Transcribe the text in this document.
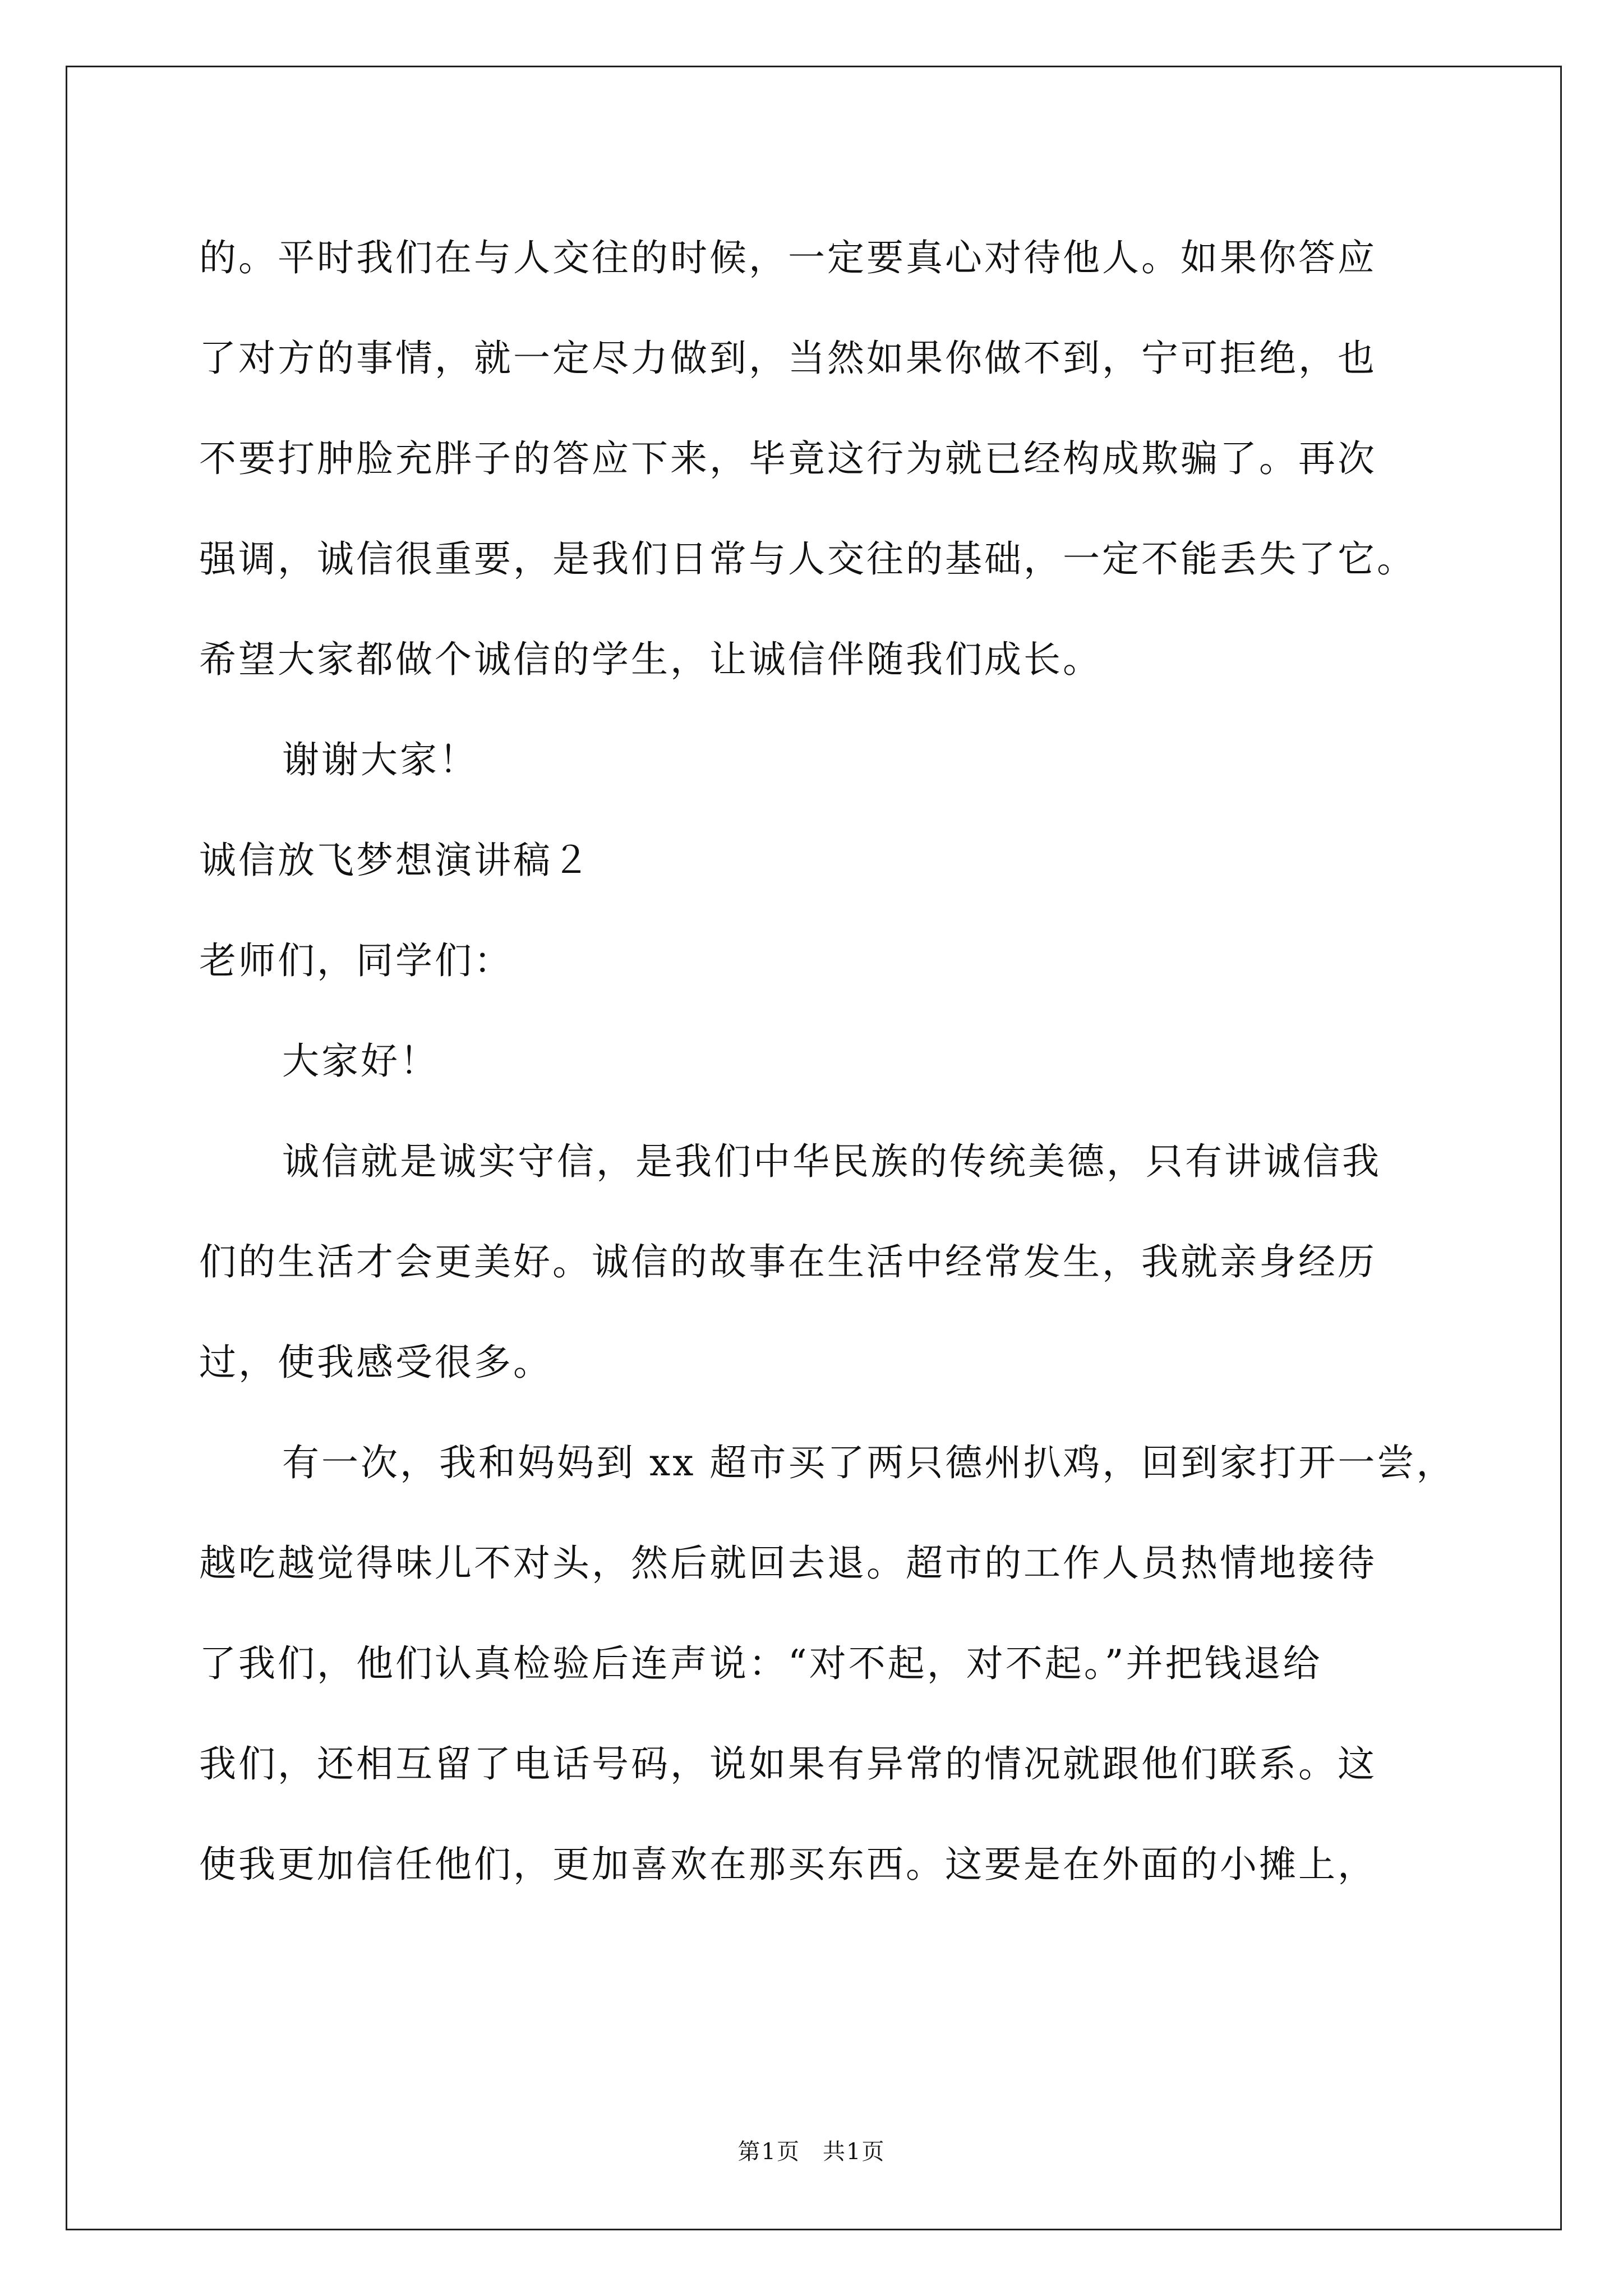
的。平时我们在与人交往的时候，一定要真心对待他人。如果你答应
了对方的事情，就一定尽力做到，当然如果你做不到，宁可拒绝，也
不要打肿脸充胖子的答应下来，毕竟这行为就已经构成欺骗了。再次
强调，诚信很重要，是我们日常与人交往的基础，一定不能丢失了它。
希望大家都做个诚信的学生，让诚信伴随我们成长。
谢谢大家！
诚信放飞梦想演讲稿２
老师们，同学们：
大家好！
诚信就是诚实守信，是我们中华民族的传统美德，只有讲诚信我
们的生活才会更美好。诚信的故事在生活中经常发生，我就亲身经历
过，使我感受很多。
有一次，我和妈妈到 xx 超市买了两只德州扒鸡，回到家打开一尝，
越吃越觉得味儿不对头，然后就回去退。超市的工作人员热情地接待
了我们，他们认真检验后连声说：“对不起，对不起。”并把钱退给
我们，还相互留了电话号码，说如果有异常的情况就跟他们联系。这
使我更加信任他们，更加喜欢在那买东西。这要是在外面的小摊上，
第1页 共1页
